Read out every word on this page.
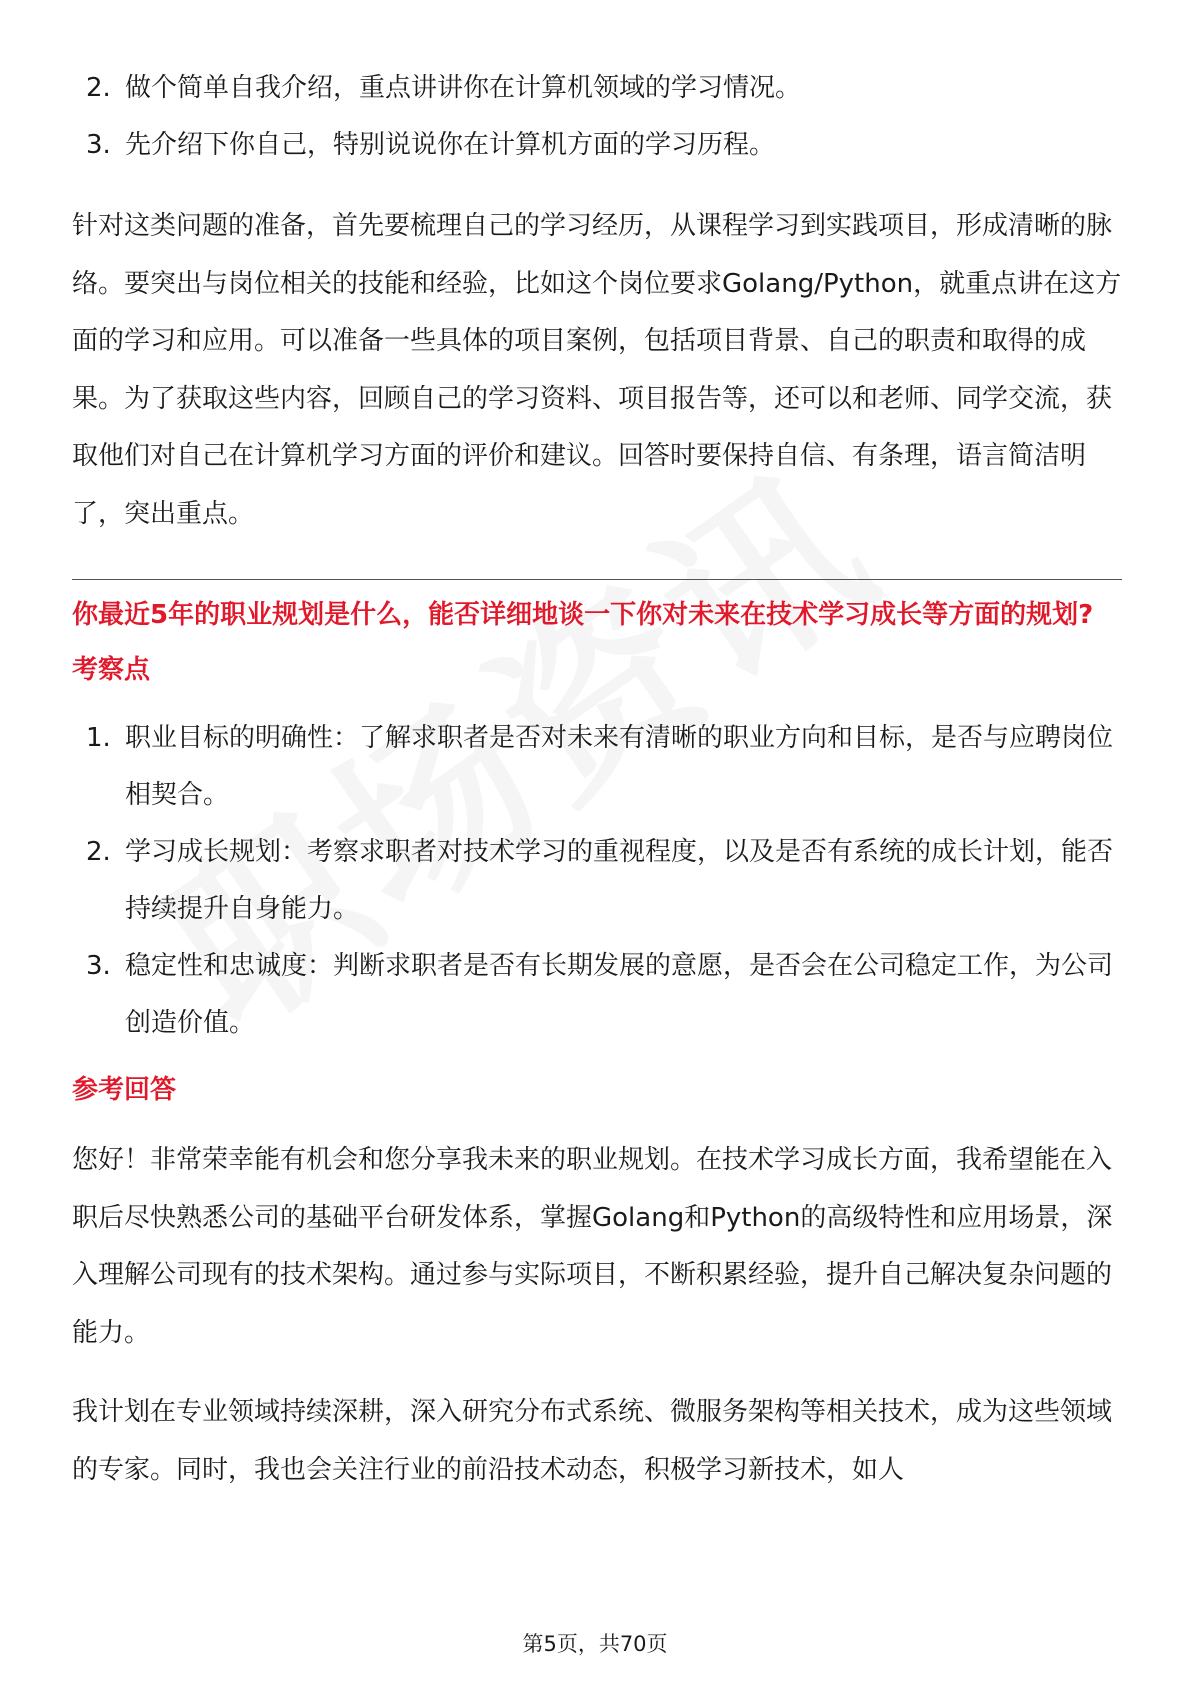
2. 做个简单自我介绍，重点讲讲你在计算机领域的学习情况。
3. 先介绍下你自己，特别说说你在计算机方面的学习历程。

针对这类问题的准备，首先要梳理自己的学习经历，从课程学习到实践项目，形成清晰的脉络。要突出与岗位相关的技能和经验，比如这个岗位要求Golang/Python，就重点讲在这方面的学习和应用。可以准备一些具体的项目案例，包括项目背景、自己的职责和取得的成果。为了获取这些内容，回顾自己的学习资料、项目报告等，还可以和老师、同学交流，获取他们对自己在计算机学习方面的评价和建议。回答时要保持自信、有条理，语言简洁明了，突出重点。

你最近5年的职业规划是什么，能否详细地谈一下你对未来在技术学习成长等方面的规划?
考察点
1. 职业目标的明确性：了解求职者是否对未来有清晰的职业方向和目标，是否与应聘岗位相契合。
2. 学习成长规划：考察求职者对技术学习的重视程度，以及是否有系统的成长计划，能否持续提升自身能力。
3. 稳定性和忠诚度：判断求职者是否有长期发展的意愿，是否会在公司稳定工作，为公司创造价值。
参考回答

您好！非常荣幸能有机会和您分享我未来的职业规划。在技术学习成长方面，我希望能在入职后尽快熟悉公司的基础平台研发体系，掌握Golang和Python的高级特性和应用场景，深入理解公司现有的技术架构。通过参与实际项目，不断积累经验，提升自己解决复杂问题的能力。

我计划在专业领域持续深耕，深入研究分布式系统、微服务架构等相关技术，成为这些领域的专家。同时，我也会关注行业的前沿技术动态，积极学习新技术，如人

第5页，共70页
